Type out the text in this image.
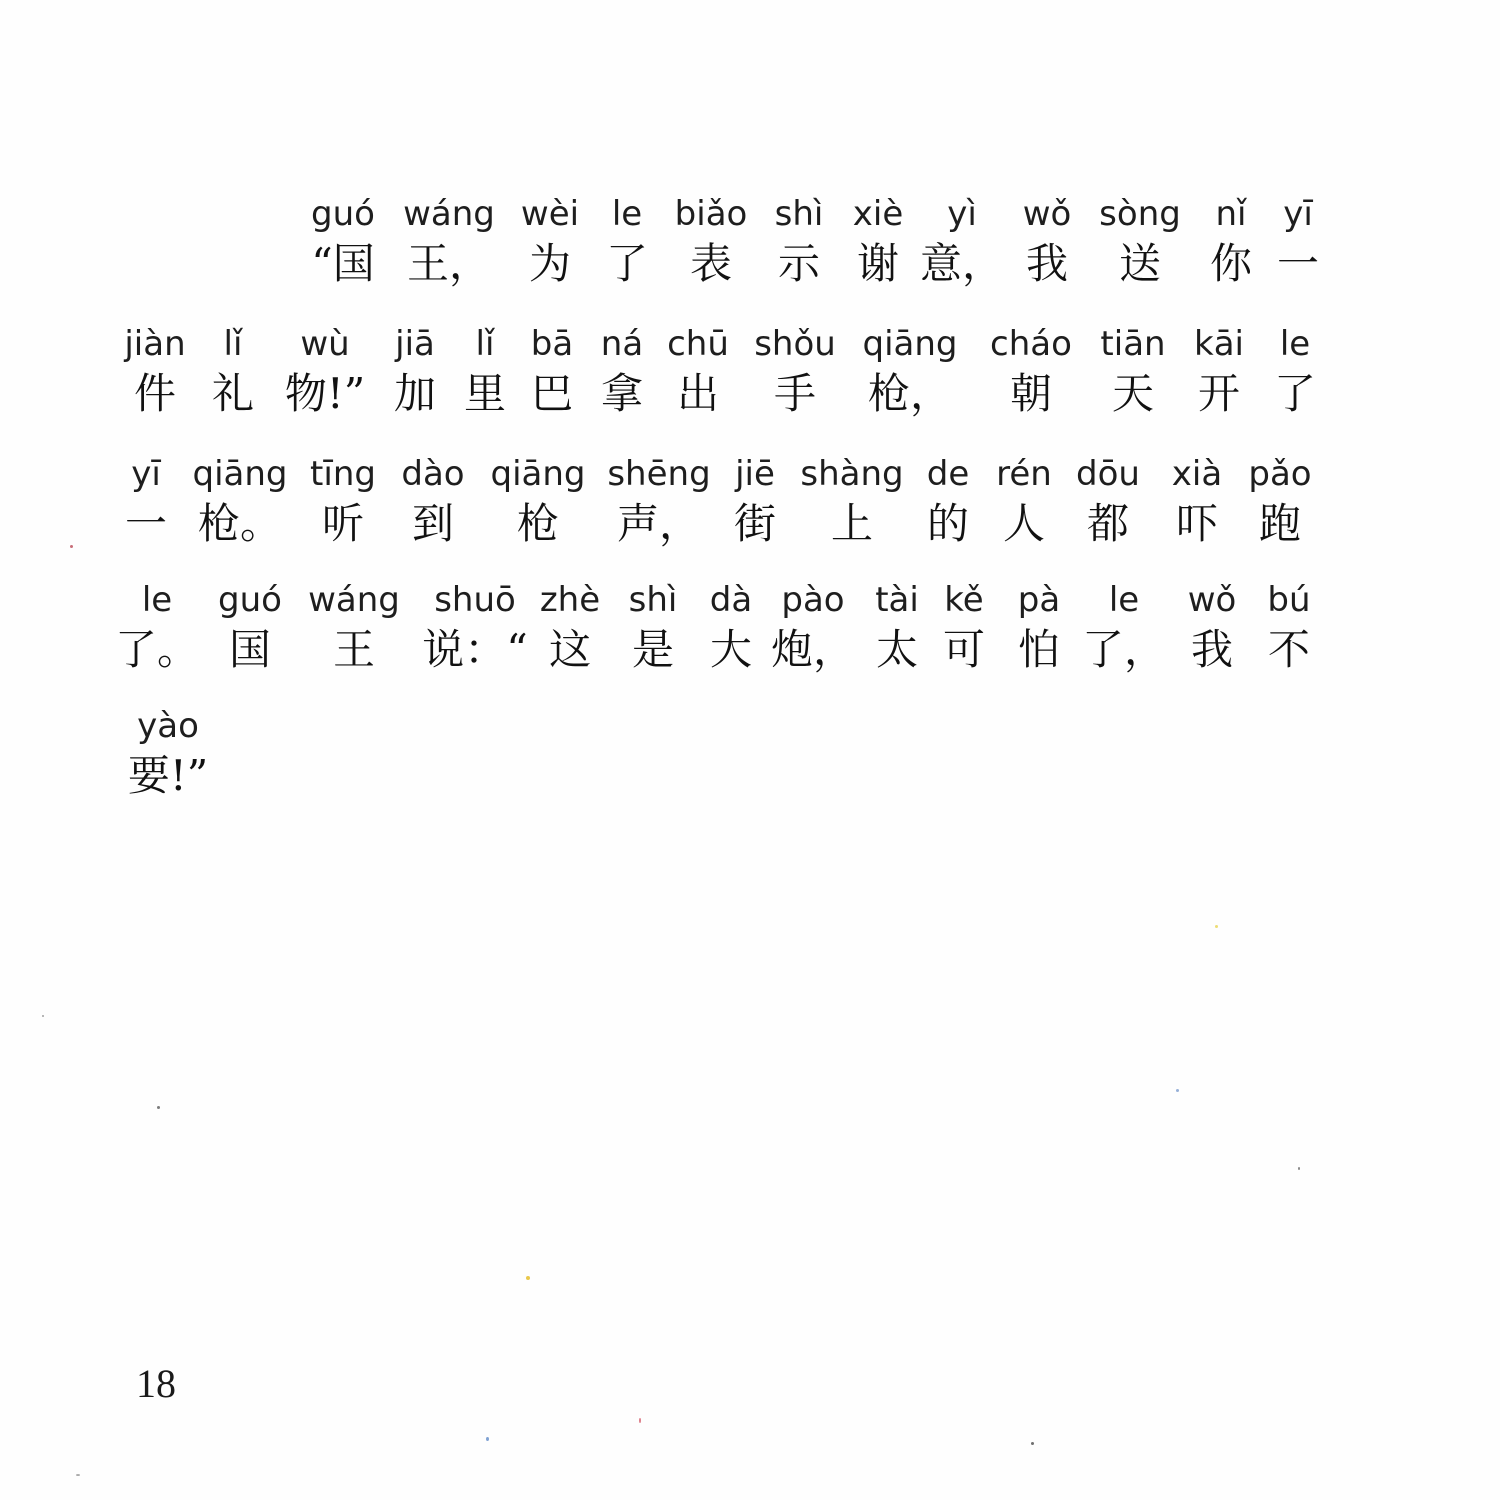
guó
“国
wáng
王，
wèi
为
le
了
biǎo
表
shì
示
xiè
谢
yì
意，
wǒ
我
sòng
送
nǐ
你
yī
一
jiàn
件
lǐ
礼
wù
物!”
jiā
加
lǐ
里
bā
巴
ná
拿
chū
出
shǒu
手
qiāng
枪，
cháo
朝
tiān
天
kāi
开
le
了
yī
一
qiāng
枪。
tīng
听
dào
到
qiāng
枪
shēng
声，
jiē
街
shàng
上
de
的
rén
人
dōu
都
xià
吓
pǎo
跑
le
了。
guó
国
wáng
王
shuō
说：“
zhè
这
shì
是
dà
大
pào
炮，
tài
太
kě
可
pà
怕
le
了，
wǒ
我
bú
不
yào
要!”
18
